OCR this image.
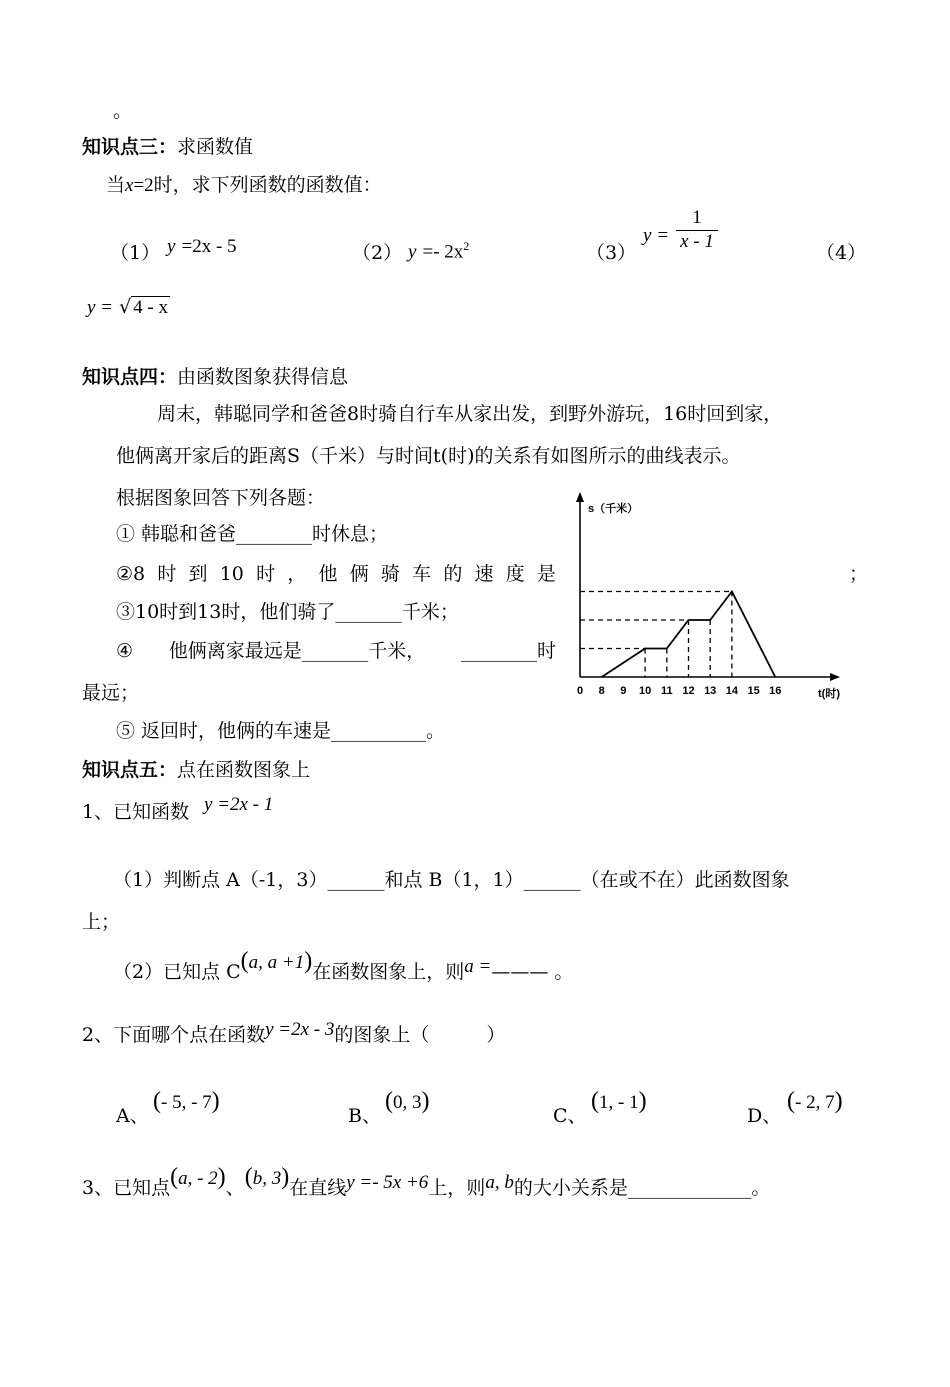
。
知识点三：求函数值
当x=2时，求下列函数的函数值：
（1） y =2x - 5	（2） $y =- 2x^2$	（3）
y =
1
x - 1
（4）
y = √ 4 - x
知识点四：由函数图象获得信息
周末，韩聪同学和爸爸8时骑自行车从家出发，到野外游玩，16时回到家，
他俩离开家后的距离S（千米）与时间t(时)的关系有如图所示的曲线表示。
根据图象回答下列各题：
① 韩聪和爸爸________时休息；
②8 时 到 10 时 ， 他 俩 骑 车 的 速 度 是	；
③10时到13时，他们骑了_______千米；
④ 他俩离家最远是_______千米， ________时
最远；
⑤ 返回时，他俩的车速是__________。
0 8 9 10 11 12 13 14 15 16	t(时)
s（千米）
知识点五：点在函数图象上
1、已知函数 y =2x - 1
（1）判断点 A（-1，3）______和点 B（1，1）______（在或不在）此函数图象
上；
（2）已知点 C(a, a +1)在函数图象上，则a =——— 。
2、下面哪个点在函数y =2x - 3的图象上（　　　）
A、
(- 5, - 7)
B、
(0, 3)
C、
(1, - 1)
D、
(- 2, 7)
3、已知点(a, - 2)、(b, 3)在直线y =- 5x +6上，则a, b的大小关系是_____________。
